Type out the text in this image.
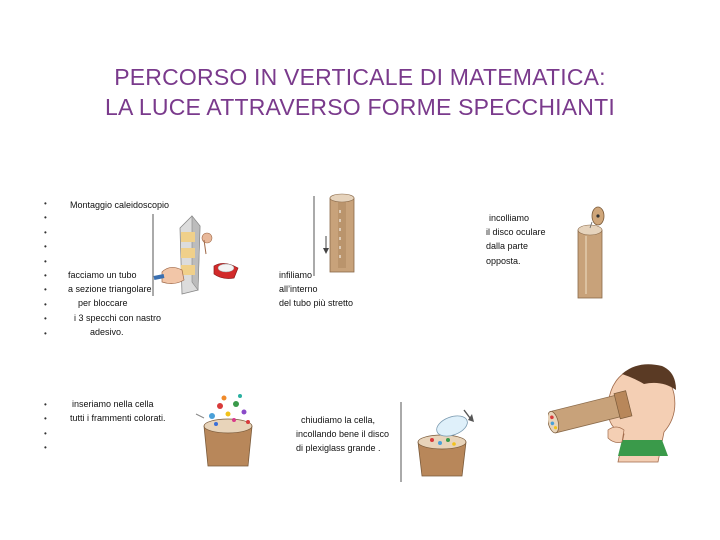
PERCORSO IN VERTICALE DI MATEMATICA:
LA LUCE ATTRAVERSO FORME SPECCHIANTI
•
•
•
•
•
•
•
•
•
•
•
•
•
•
Montaggio caleidoscopio
facciamo un tubo
a sezione triangolare
per bloccare
i 3 specchi con nastro
adesivo.
infiliamo
all’interno
del tubo più stretto
incolliamo
il disco oculare
dalla parte
opposta.
inseriamo nella cella
tutti i frammenti colorati.	chiudiamo la cella,
incollando bene il disco
di plexiglass grande .
